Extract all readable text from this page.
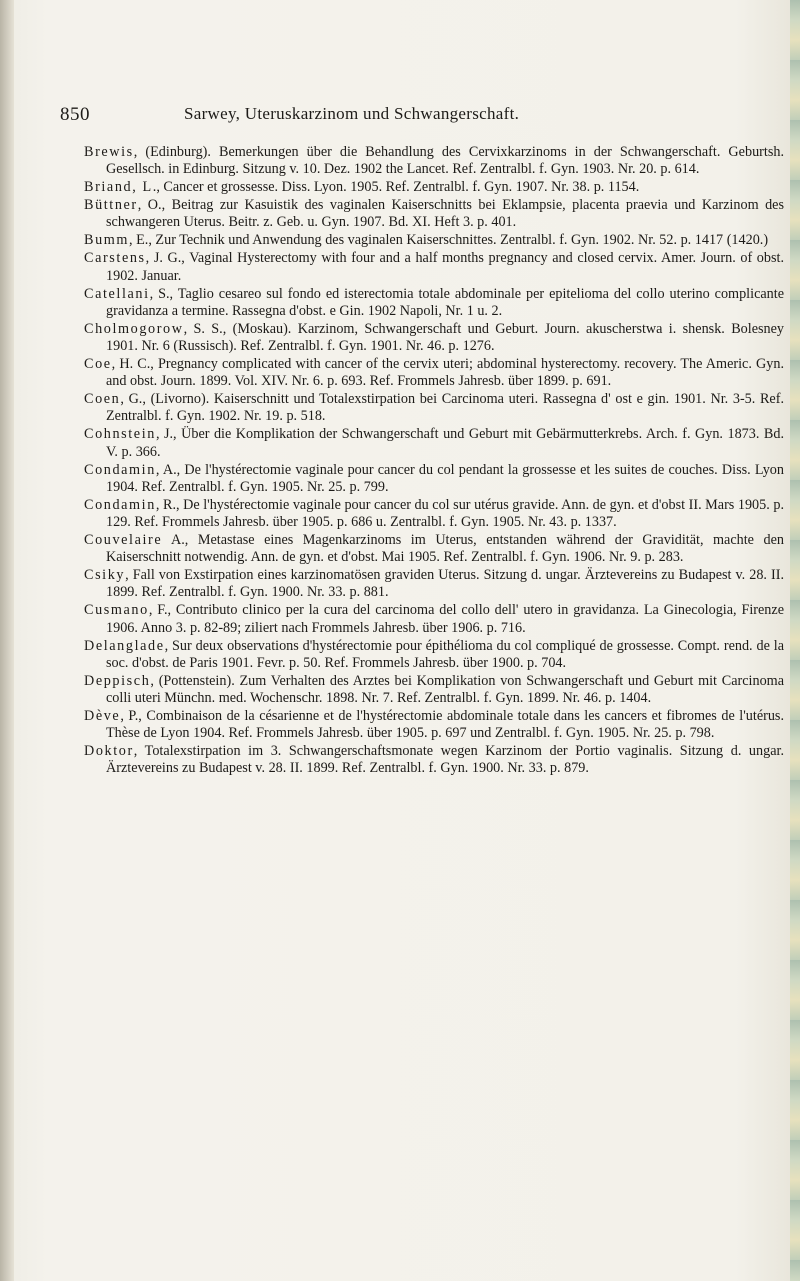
850	Sarwey, Uteruskarzinom und Schwangerschaft.

Brewis, (Edinburg). Bemerkungen über die Behandlung des Cervixkarzinoms in der Schwangerschaft. Geburtsh. Gesellsch. in Edinburg. Sitzung v. 10. Dez. 1902 the Lancet. Ref. Zentralbl. f. Gyn. 1903. Nr. 20. p. 614.

Briand, L., Cancer et grossesse. Diss. Lyon. 1905. Ref. Zentralbl. f. Gyn. 1907. Nr. 38. p. 1154.

Büttner, O., Beitrag zur Kasuistik des vaginalen Kaiserschnitts bei Eklampsie, placenta praevia und Karzinom des schwangeren Uterus. Beitr. z. Geb. u. Gyn. 1907. Bd. XI. Heft 3. p. 401.

Bumm, E., Zur Technik und Anwendung des vaginalen Kaiserschnittes. Zentralbl. f. Gyn. 1902. Nr. 52. p. 1417 (1420.)

Carstens, J. G., Vaginal Hysterectomy with four and a half months pregnancy and closed cervix. Amer. Journ. of obst. 1902. Januar.

Catellani, S., Taglio cesareo sul fondo ed isterectomia totale abdominale per epitelioma del collo uterino complicante gravidanza a termine. Rassegna d'obst. e Gin. 1902 Napoli, Nr. 1 u. 2.

Cholmogorow, S. S., (Moskau). Karzinom, Schwangerschaft und Geburt. Journ. akuscherstwa i. shensk. Bolesney 1901. Nr. 6 (Russisch). Ref. Zentralbl. f. Gyn. 1901. Nr. 46. p. 1276.

Coe, H. C., Pregnancy complicated with cancer of the cervix uteri; abdominal hysterectomy. recovery. The Americ. Gyn. and obst. Journ. 1899. Vol. XIV. Nr. 6. p. 693. Ref. Frommels Jahresb. über 1899. p. 691.

Coen, G., (Livorno). Kaiserschnitt und Totalexstirpation bei Carcinoma uteri. Rassegna d' ost e gin. 1901. Nr. 3-5. Ref. Zentralbl. f. Gyn. 1902. Nr. 19. p. 518.

Cohnstein, J., Über die Komplikation der Schwangerschaft und Geburt mit Gebärmutterkrebs. Arch. f. Gyn. 1873. Bd. V. p. 366.

Condamin, A., De l'hystérectomie vaginale pour cancer du col pendant la grossesse et les suites de couches. Diss. Lyon 1904. Ref. Zentralbl. f. Gyn. 1905. Nr. 25. p. 799.

Condamin, R., De l'hystérectomie vaginale pour cancer du col sur utérus gravide. Ann. de gyn. et d'obst II. Mars 1905. p. 129. Ref. Frommels Jahresb. über 1905. p. 686 u. Zentralbl. f. Gyn. 1905. Nr. 43. p. 1337.

Couvelaire A., Metastase eines Magenkarzinoms im Uterus, entstanden während der Gravidität, machte den Kaiserschnitt notwendig. Ann. de gyn. et d'obst. Mai 1905. Ref. Zentralbl. f. Gyn. 1906. Nr. 9. p. 283.

Csiky, Fall von Exstirpation eines karzinomatösen graviden Uterus. Sitzung d. ungar. Ärztevereins zu Budapest v. 28. II. 1899. Ref. Zentralbl. f. Gyn. 1900. Nr. 33. p. 881.

Cusmano, F., Contributo clinico per la cura del carcinoma del collo dell' utero in gravidanza. La Ginecologia, Firenze 1906. Anno 3. p. 82-89; ziliert nach Frommels Jahresb. über 1906. p. 716.

Delanglade, Sur deux observations d'hystérectomie pour épithélioma du col compliqué de grossesse. Compt. rend. de la soc. d'obst. de Paris 1901. Fevr. p. 50. Ref. Frommels Jahresb. über 1900. p. 704.

Deppisch, (Pottenstein). Zum Verhalten des Arztes bei Komplikation von Schwangerschaft und Geburt mit Carcinoma colli uteri Münchn. med. Wochenschr. 1898. Nr. 7. Ref. Zentralbl. f. Gyn. 1899. Nr. 46. p. 1404.

Dève, P., Combinaison de la césarienne et de l'hystérectomie abdominale totale dans les cancers et fibromes de l'utérus. Thèse de Lyon 1904. Ref. Frommels Jahresb. über 1905. p. 697 und Zentralbl. f. Gyn. 1905. Nr. 25. p. 798.

Doktor, Totalexstirpation im 3. Schwangerschaftsmonate wegen Karzinom der Portio vaginalis. Sitzung d. ungar. Ärztevereins zu Budapest v. 28. II. 1899. Ref. Zentralbl. f. Gyn. 1900. Nr. 33. p. 879.
